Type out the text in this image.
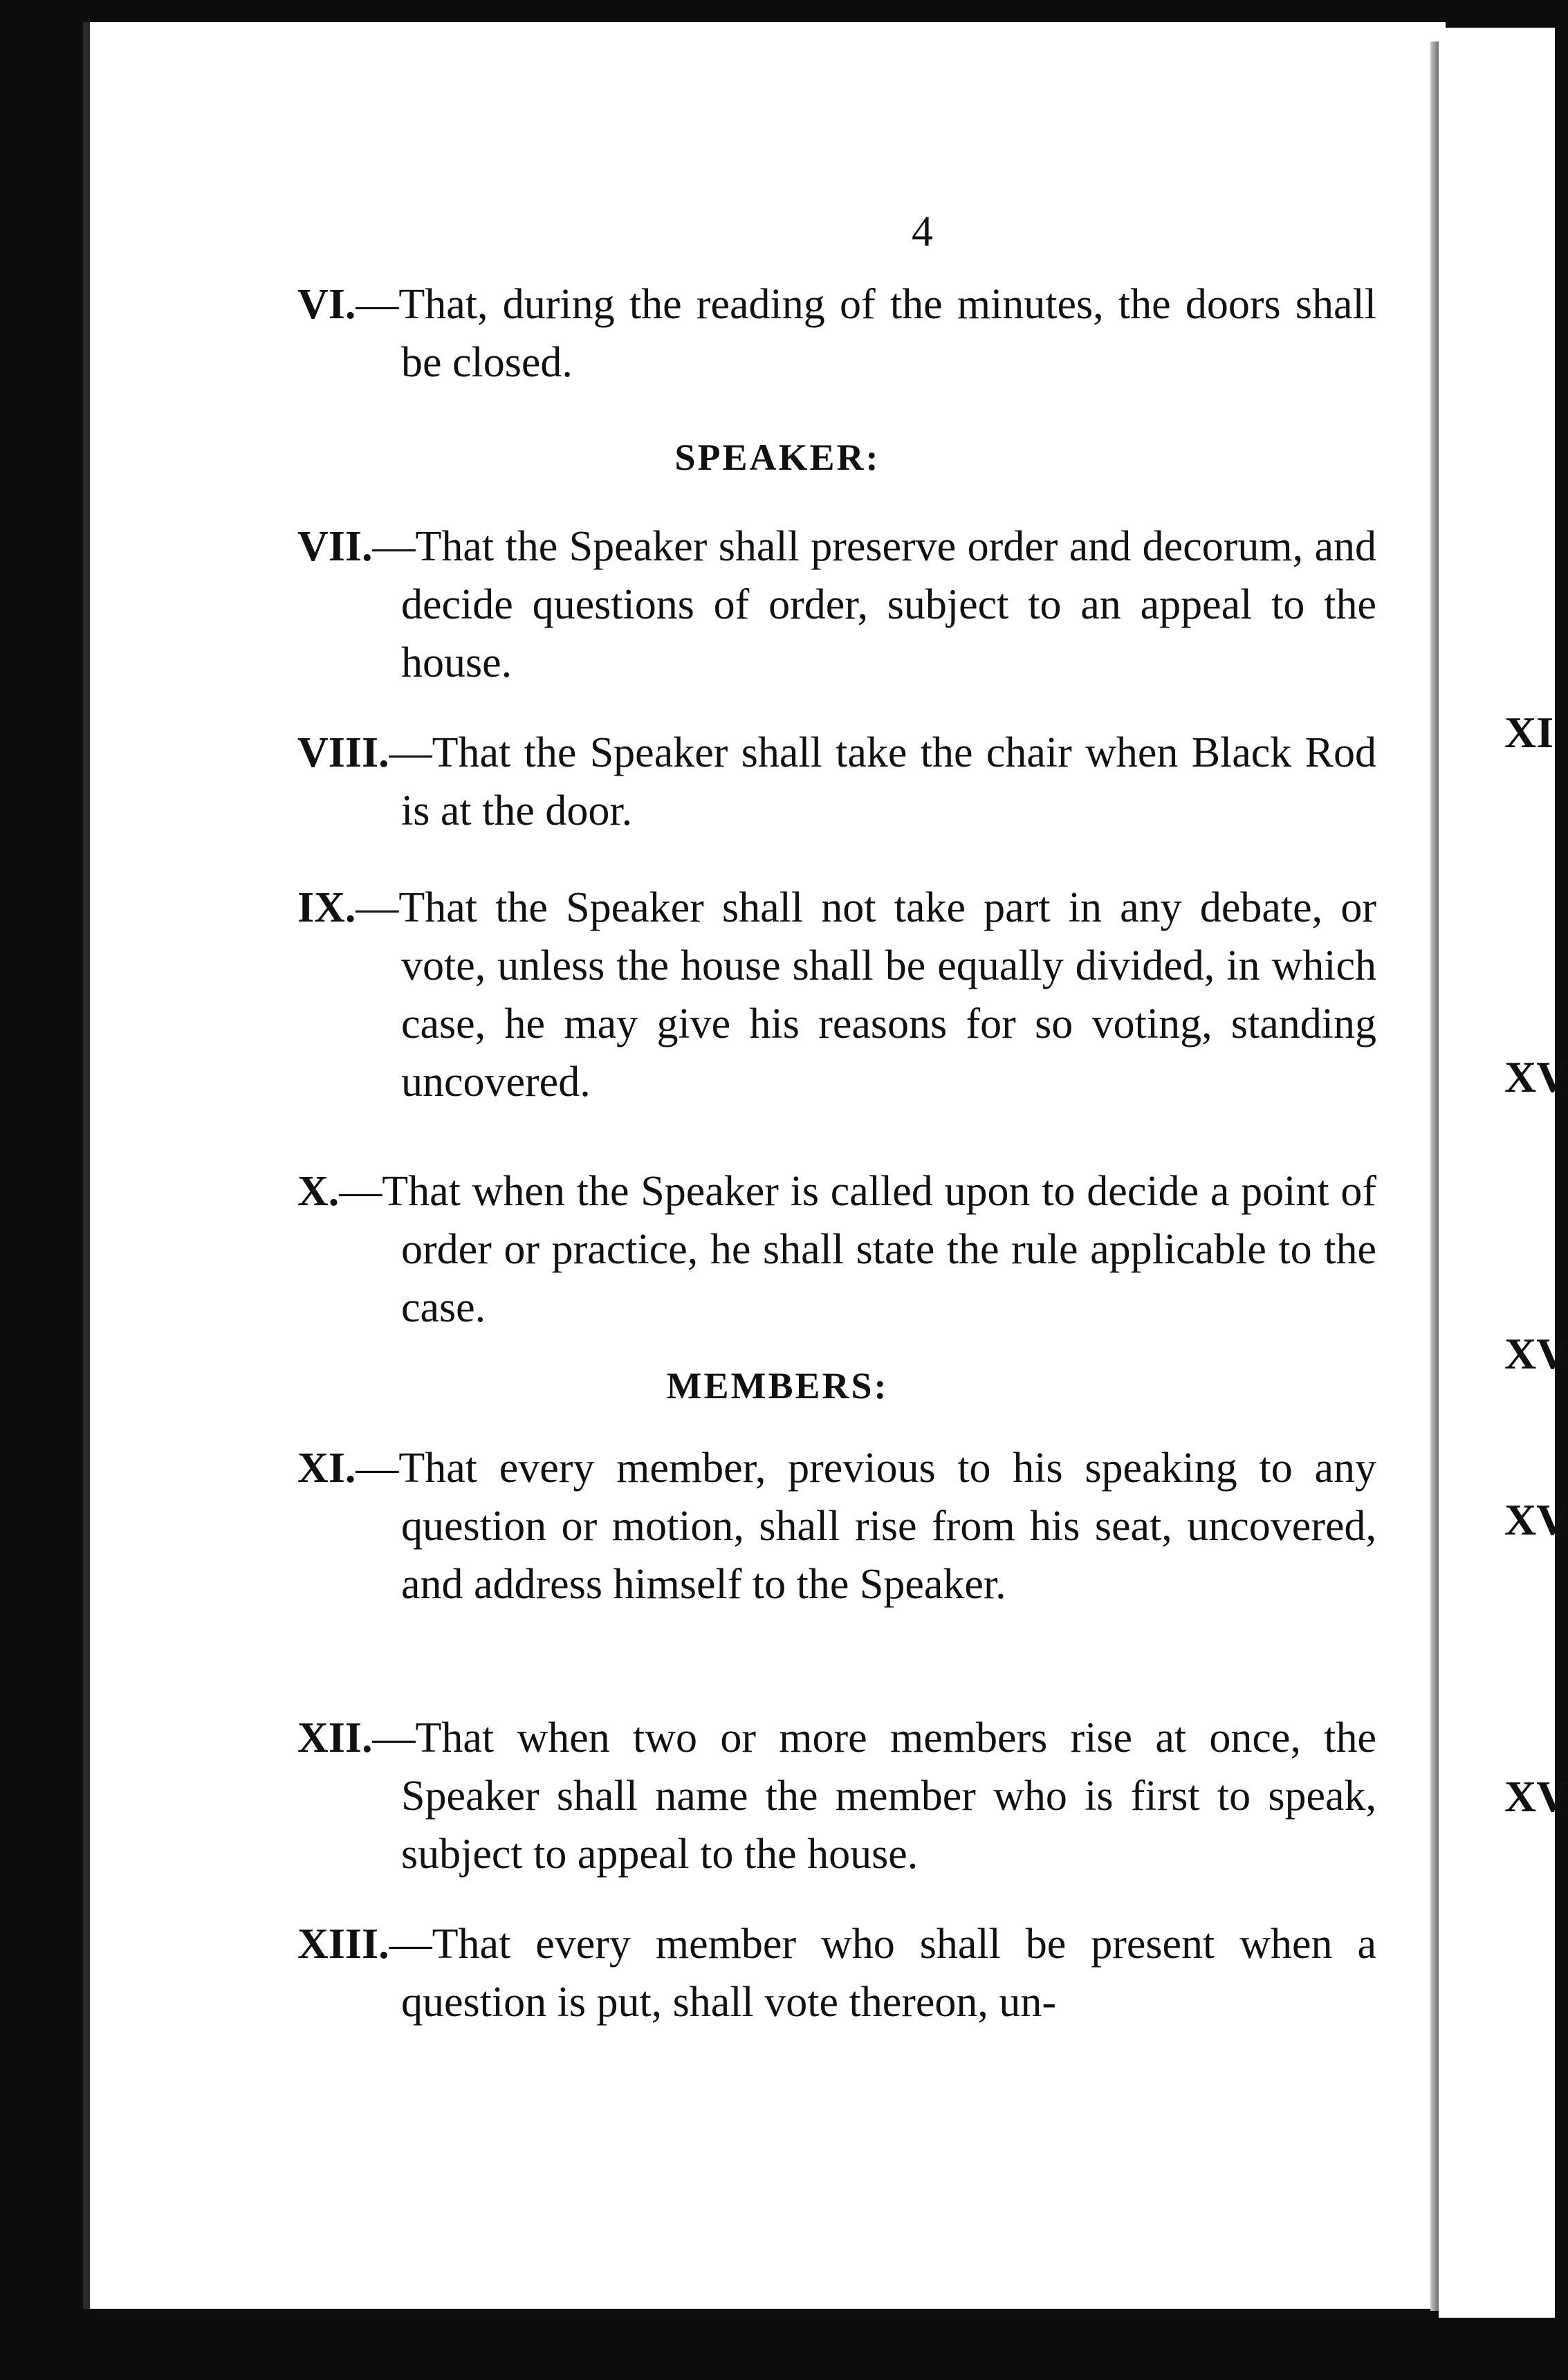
4
XI
XV
XV
XV
XV
VI.—That, during the reading of the minutes, the doors shall be closed.
SPEAKER:
VII.—That the Speaker shall preserve order and decorum, and decide questions of order, subject to an appeal to the house.
VIII.—That the Speaker shall take the chair when Black Rod is at the door.
IX.—That the Speaker shall not take part in any debate, or vote, unless the house shall be equally divided, in which case, he may give his reasons for so voting, standing uncovered.
X.—That when the Speaker is called upon to decide a point of order or practice, he shall state the rule applicable to the case.
MEMBERS:
XI.—That every member, previous to his speaking to any question or motion, shall rise from his seat, uncovered, and address himself to the Speaker.
XII.—That when two or more members rise at once, the Speaker shall name the member who is first to speak, subject to appeal to the house.
XIII.—That every member who shall be present when a question is put, shall vote thereon, un-
